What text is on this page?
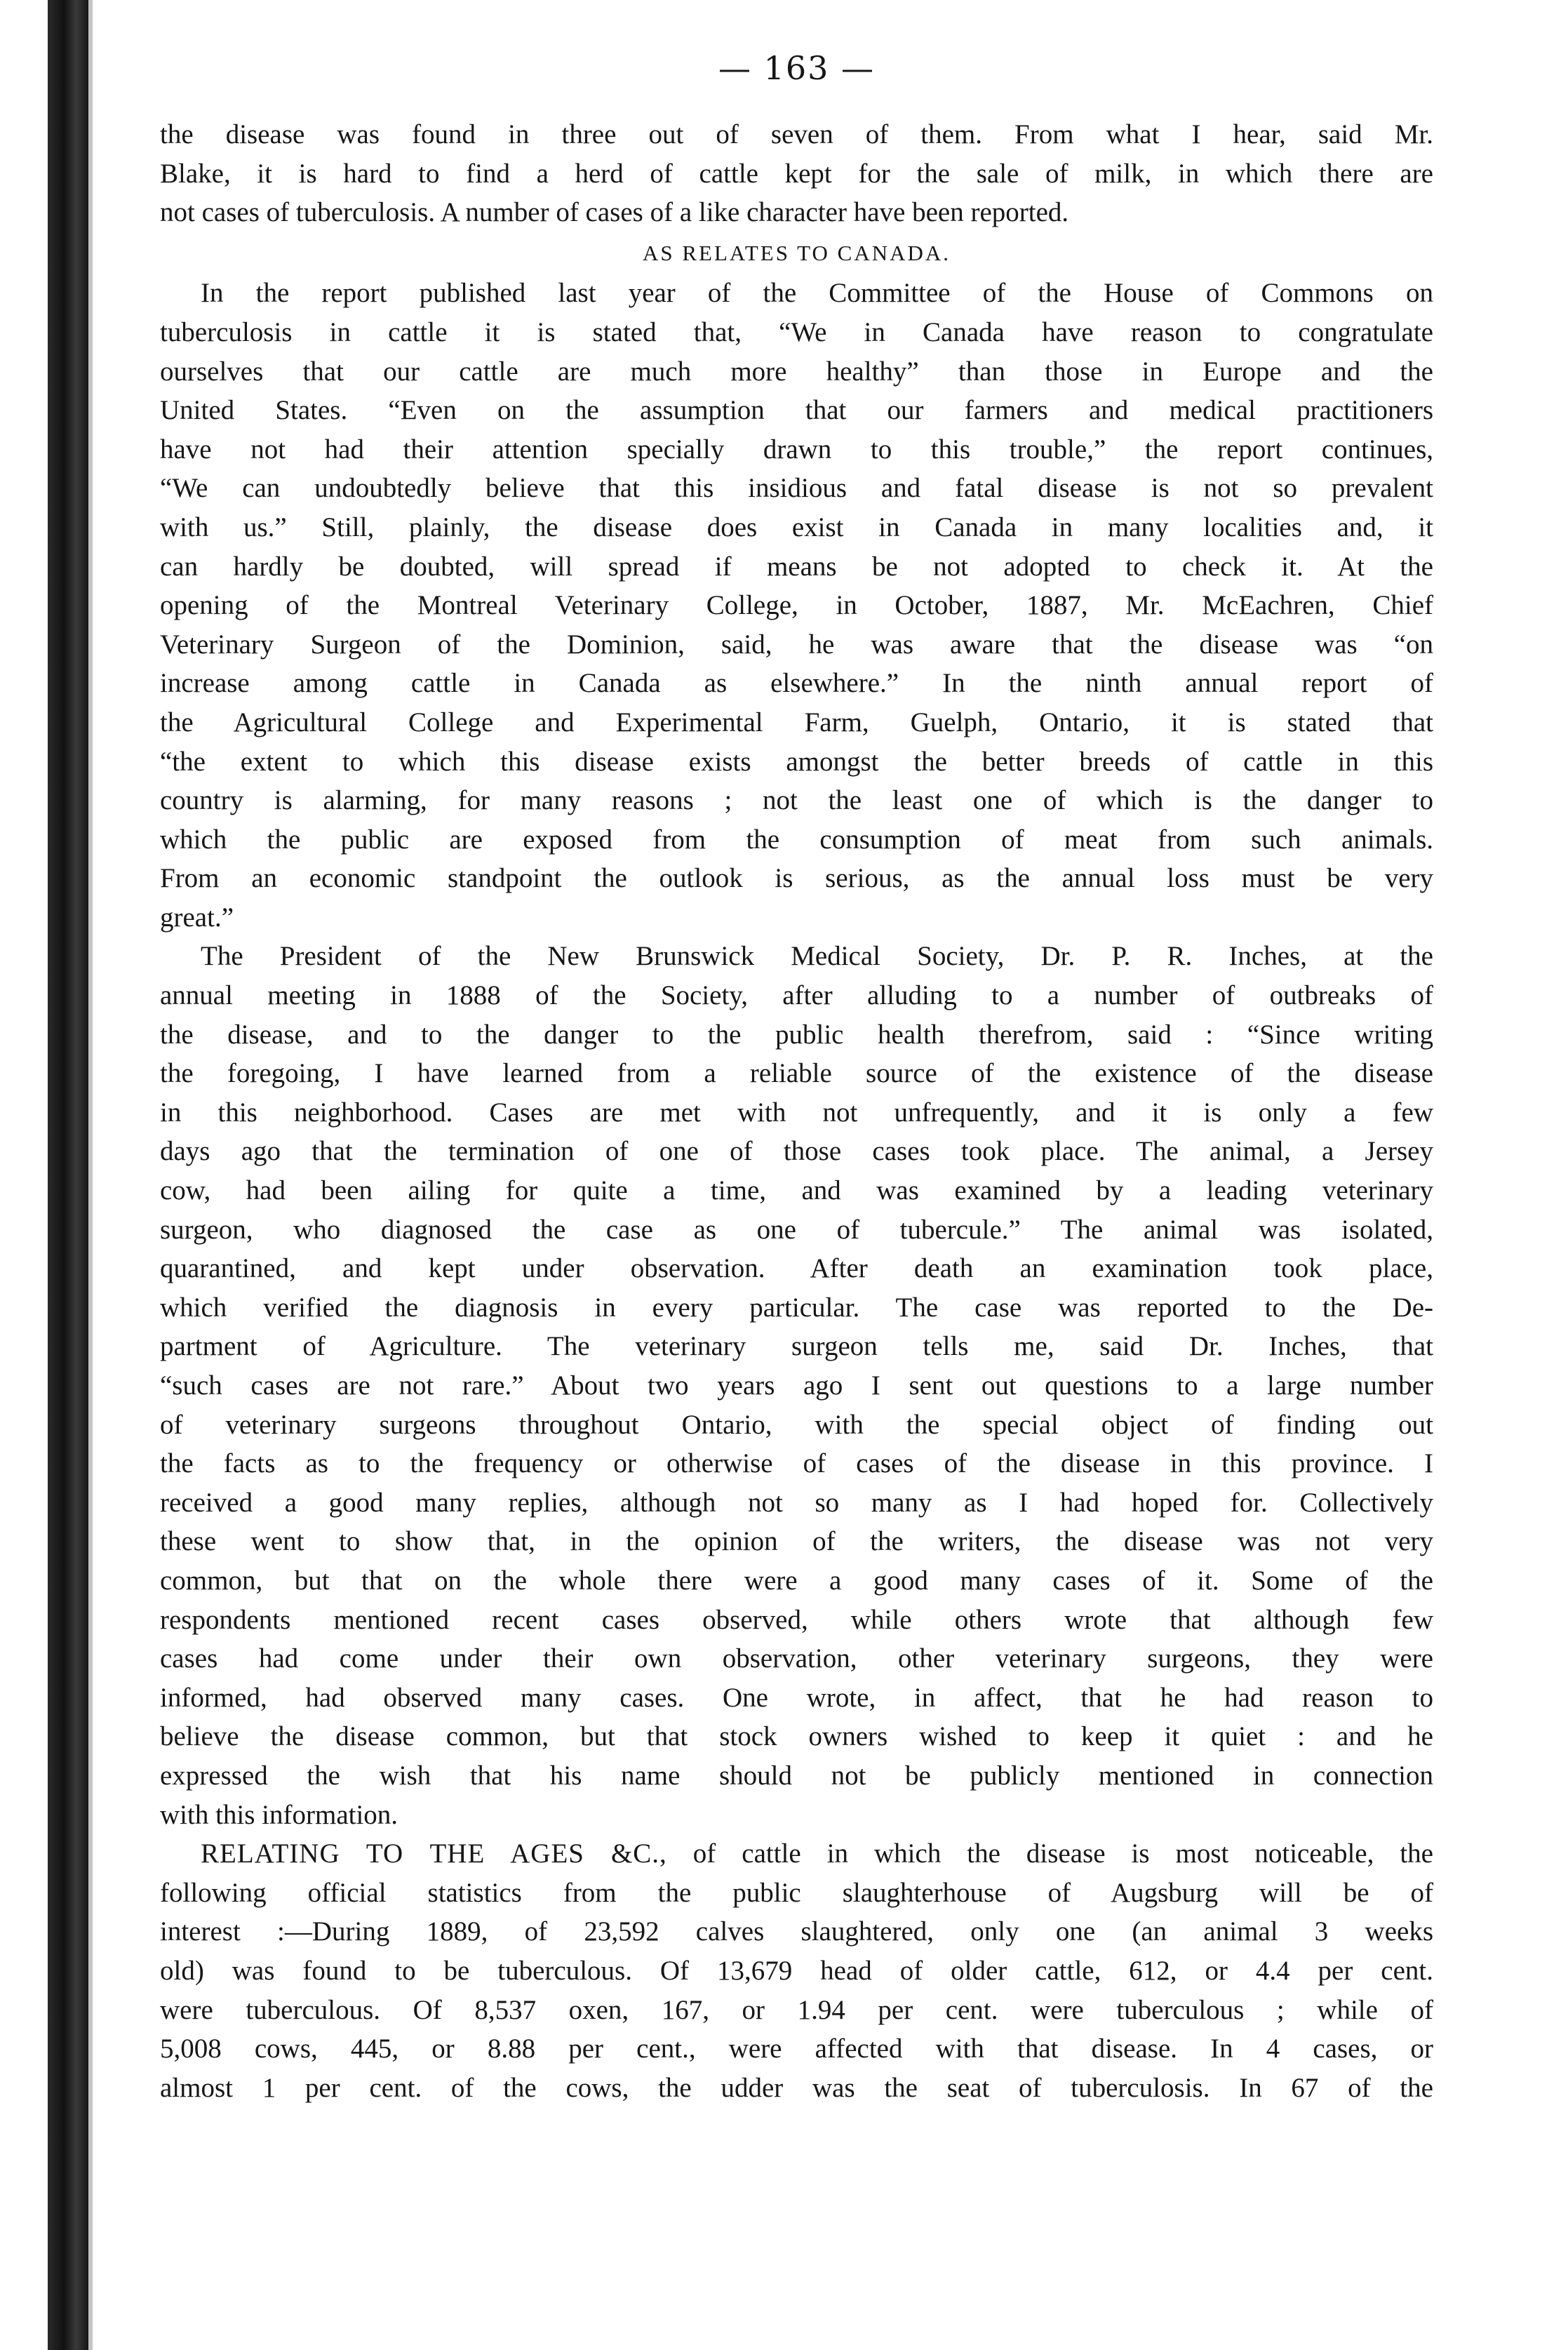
— 163 —

the disease was found in three out of seven of them. From what I hear, said Mr.

Blake, it is hard to find a herd of cattle kept for the sale of milk, in which there are

not cases of tuberculosis. A number of cases of a like character have been reported.

AS RELATES TO CANADA.

In the report published last year of the Committee of the House of Commons on

tuberculosis in cattle it is stated that, “We in Canada have reason to congratulate

ourselves that our cattle are much more healthy” than those in Europe and the

United States. “Even on the assumption that our farmers and medical practitioners

have not had their attention specially drawn to this trouble,” the report continues,

“We can undoubtedly believe that this insidious and fatal disease is not so prevalent

with us.” Still, plainly, the disease does exist in Canada in many localities and, it

can hardly be doubted, will spread if means be not adopted to check it. At the

opening of the Montreal Veterinary College, in October, 1887, Mr. McEachren, Chief

Veterinary Surgeon of the Dominion, said, he was aware that the disease was “on

increase among cattle in Canada as elsewhere.” In the ninth annual report of

the Agricultural College and Experimental Farm, Guelph, Ontario, it is stated that

“the extent to which this disease exists amongst the better breeds of cattle in this

country is alarming, for many reasons ; not the least one of which is the danger to

which the public are exposed from the consumption of meat from such animals.

From an economic standpoint the outlook is serious, as the annual loss must be very

great.”

The President of the New Brunswick Medical Society, Dr. P. R. Inches, at the

annual meeting in 1888 of the Society, after alluding to a number of outbreaks of

the disease, and to the danger to the public health therefrom, said : “Since writing

the foregoing, I have learned from a reliable source of the existence of the disease

in this neighborhood. Cases are met with not unfrequently, and it is only a few

days ago that the termination of one of those cases took place. The animal, a Jersey

cow, had been ailing for quite a time, and was examined by a leading veterinary

surgeon, who diagnosed the case as one of tubercule.” The animal was isolated,

quarantined, and kept under observation. After death an examination took place,

which verified the diagnosis in every particular. The case was reported to the De-

partment of Agriculture. The veterinary surgeon tells me, said Dr. Inches, that

“such cases are not rare.” About two years ago I sent out questions to a large number

of veterinary surgeons throughout Ontario, with the special object of finding out

the facts as to the frequency or otherwise of cases of the disease in this province. I

received a good many replies, although not so many as I had hoped for. Collectively

these went to show that, in the opinion of the writers, the disease was not very

common, but that on the whole there were a good many cases of it. Some of the

respondents mentioned recent cases observed, while others wrote that although few

cases had come under their own observation, other veterinary surgeons, they were

informed, had observed many cases. One wrote, in affect, that he had reason to

believe the disease common, but that stock owners wished to keep it quiet : and he

expressed the wish that his name should not be publicly mentioned in connection

with this information.

RELATING TO THE AGES &C., of cattle in which the disease is most noticeable, the

following official statistics from the public slaughterhouse of Augsburg will be of

interest :—During 1889, of 23,592 calves slaughtered, only one (an animal 3 weeks

old) was found to be tuberculous. Of 13,679 head of older cattle, 612, or 4.4 per cent.

were tuberculous. Of 8,537 oxen, 167, or 1.94 per cent. were tuberculous ; while of

5,008 cows, 445, or 8.88 per cent., were affected with that disease. In 4 cases, or

almost 1 per cent. of the cows, the udder was the seat of tuberculosis. In 67 of the
